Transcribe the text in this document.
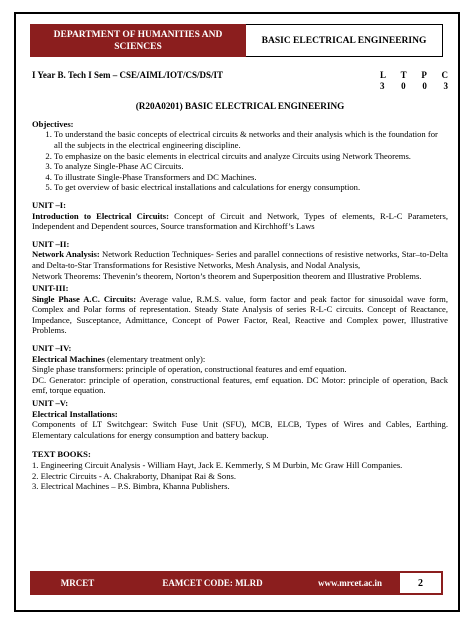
DEPARTMENT OF HUMANITIES AND
SCIENCES
BASIC ELECTRICAL ENGINEERING
I Year B. Tech I Sem – CSE/AIML/IOT/CS/DS/IT	L T P C
3 0 0 3
(R20A0201) BASIC ELECTRICAL ENGINEERING
Objectives:
1. To understand the basic concepts of electrical circuits & networks and their analysis which is the foundation for all the subjects in the electrical engineering discipline.
2. To emphasize on the basic elements in electrical circuits and analyze Circuits using Network Theorems.
3. To analyze Single-Phase AC Circuits.
4. To illustrate Single-Phase Transformers and DC Machines.
5. To get overview of basic electrical installations and calculations for energy consumption.
UNIT –I:

Introduction to Electrical Circuits: Concept of Circuit and Network, Types of elements, R-L-C Parameters, Independent and Dependent sources, Source transformation and Kirchhoff’s Laws

UNIT –II:

Network Analysis: Network Reduction Techniques- Series and parallel connections of resistive networks, Star–to-Delta and Delta-to-Star Transformations for Resistive Networks, Mesh Analysis, and Nodal Analysis,

Network Theorems: Thevenin’s theorem, Norton’s theorem and Superposition theorem and Illustrative Problems.

UNIT-III:

Single Phase A.C. Circuits: Average value, R.M.S. value, form factor and peak factor for sinusoidal wave form, Complex and Polar forms of representation. Steady State Analysis of series R-L-C circuits. Concept of Reactance, Impedance, Susceptance, Admittance, Concept of Power Factor, Real, Reactive and Complex power, Illustrative Problems.

UNIT –IV:

Electrical Machines (elementary treatment only):

Single phase transformers: principle of operation, constructional features and emf equation.

DC. Generator: principle of operation, constructional features, emf equation. DC Motor: principle of operation, Back emf, torque equation.

UNIT –V:
Electrical Installations:

Components of LT Switchgear: Switch Fuse Unit (SFU), MCB, ELCB, Types of Wires and Cables, Earthing. Elementary calculations for energy consumption and battery backup.

TEXT BOOKS:

1. Engineering Circuit Analysis - William Hayt, Jack E. Kemmerly, S M Durbin, Mc Graw Hill Companies.

2. Electric Circuits - A. Chakraborty, Dhanipat Rai & Sons.

3. Electrical Machines – P.S. Bimbra, Khanna Publishers.

MRCET	EAMCET CODE: MLRD	www.mrcet.ac.in	2
